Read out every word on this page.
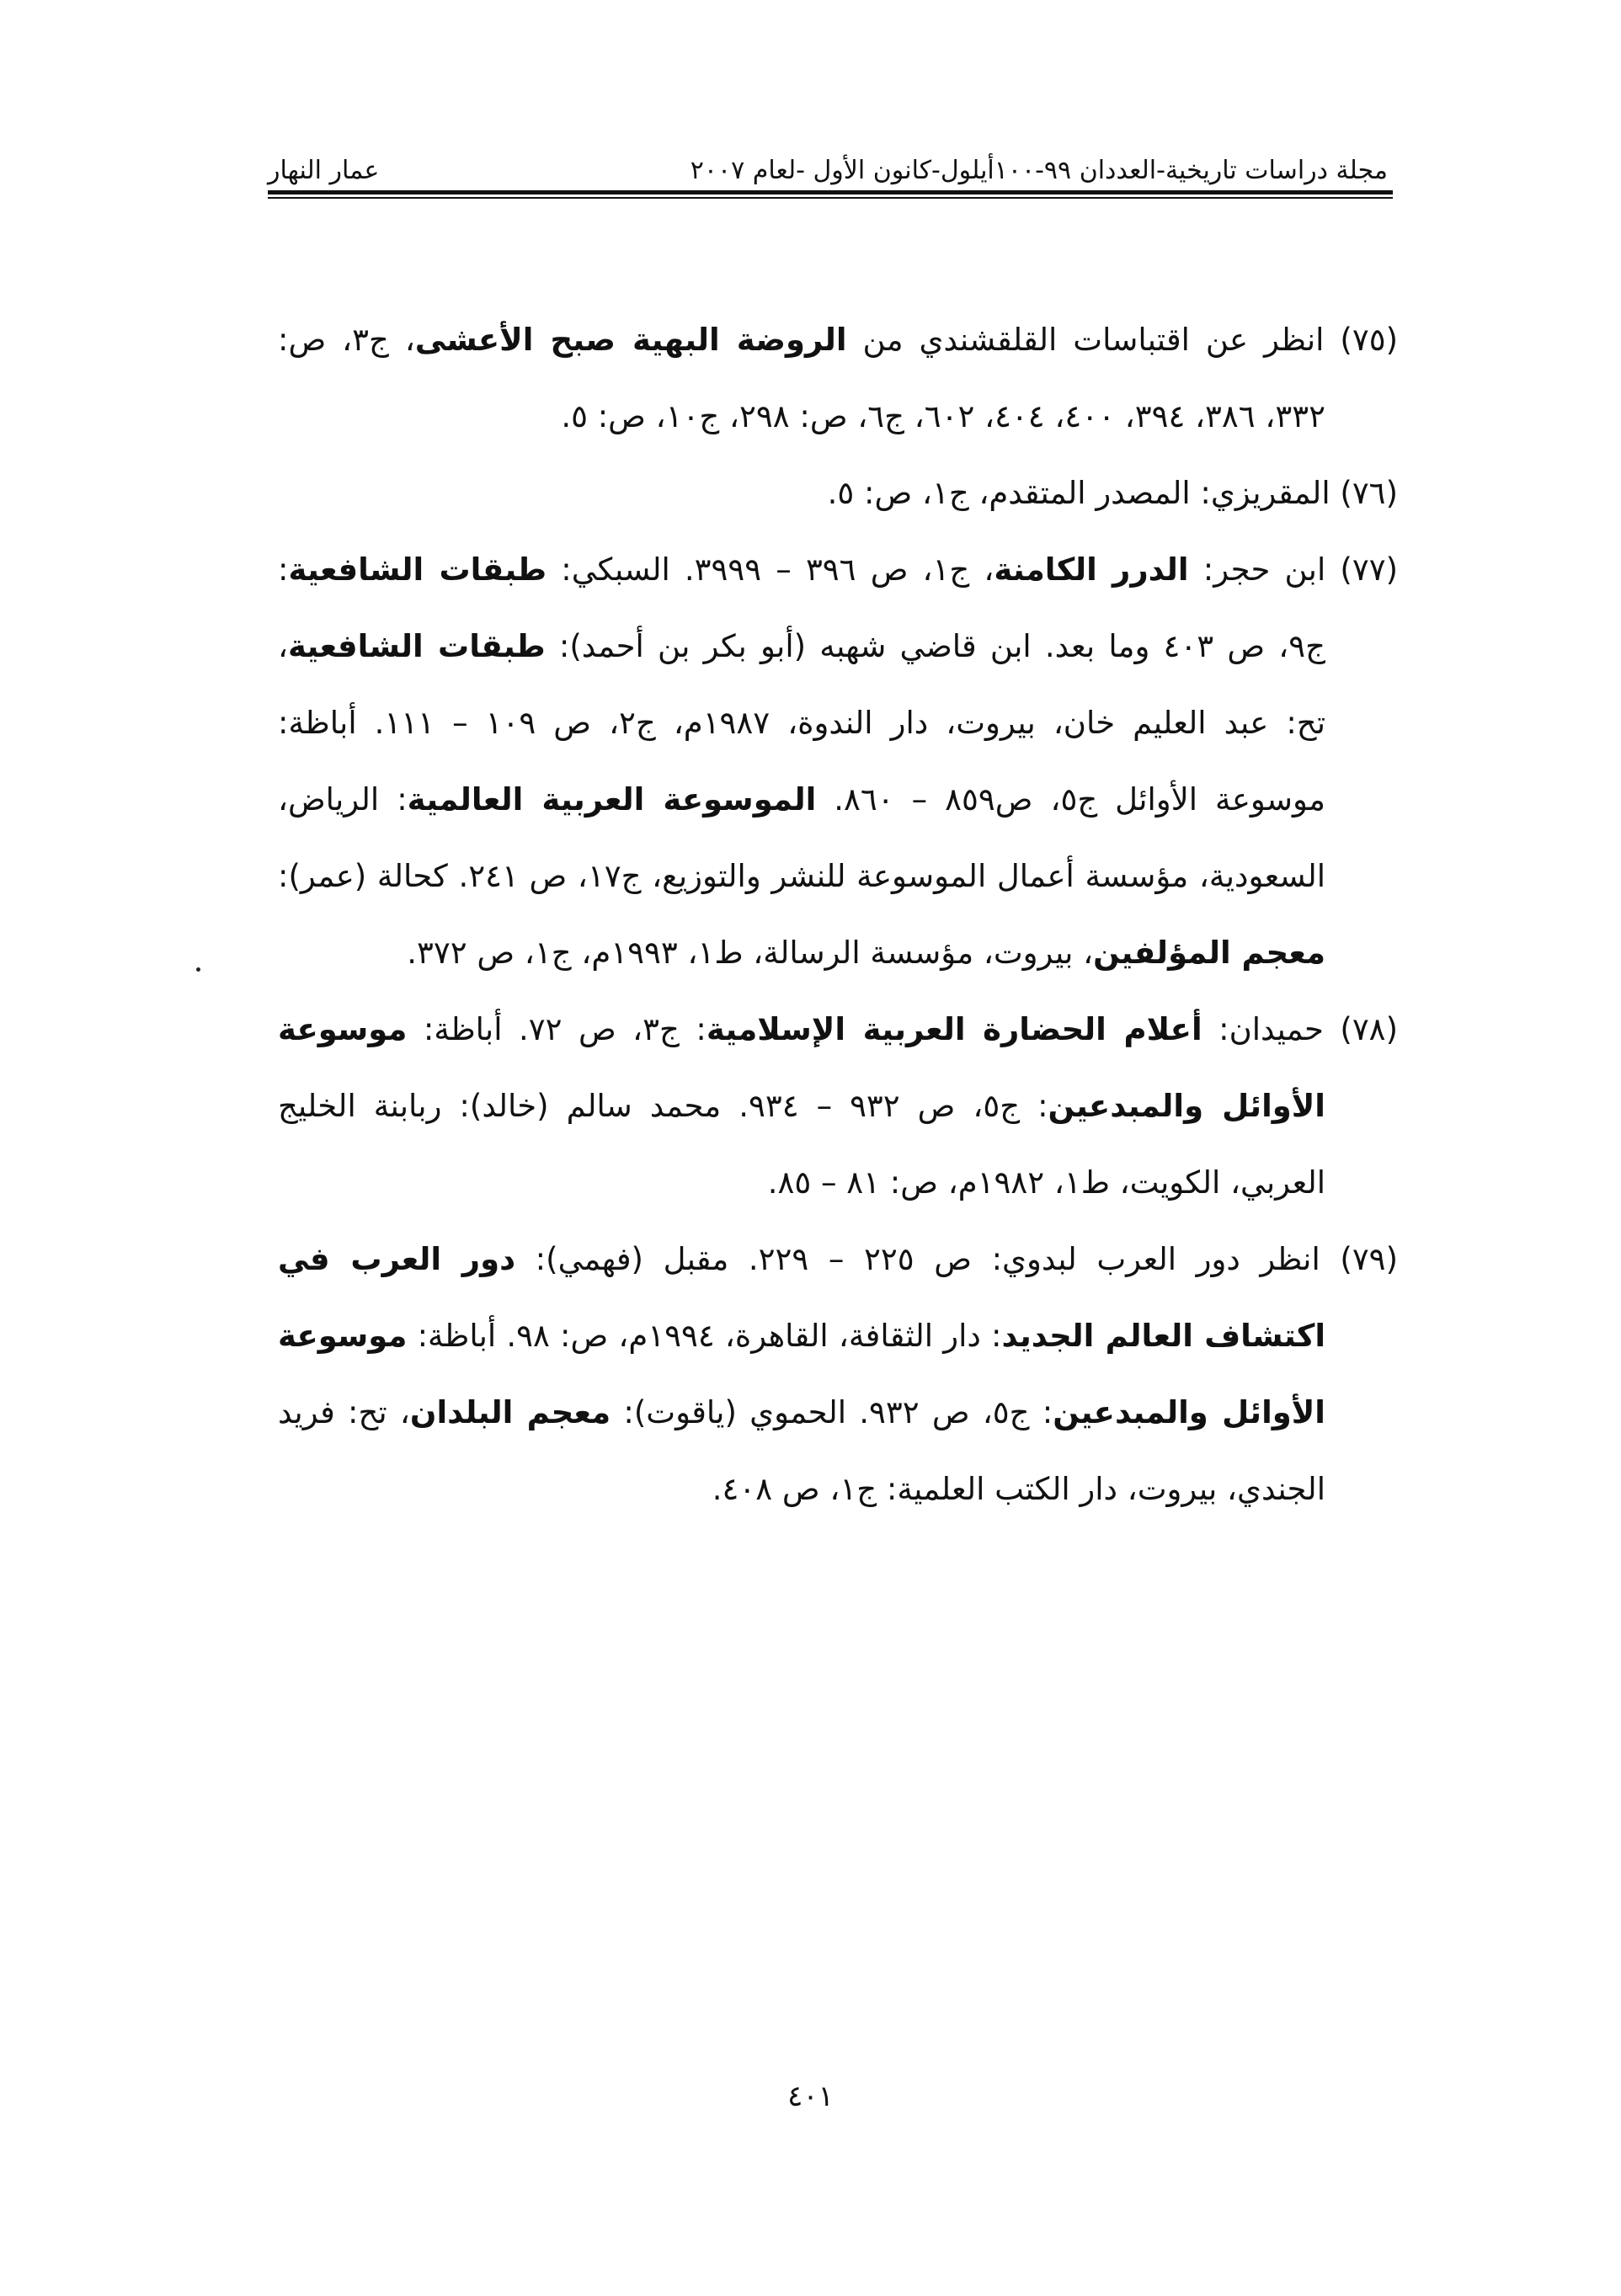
مجلة دراسات تاريخية-العددان ٩٩-١٠٠أيلول-كانون الأول -لعام ٢٠٠٧
عمار النهار

(٧٥) انظر عن اقتباسات القلقشندي من الروضة البهية صبح الأعشى، ج٣، ص: ٣٣٢، ٣٨٦، ٣٩٤، ٤٠٠، ٤٠٤، ٦٠٢، ج٦، ص: ٢٩٨، ج١٠، ص: ٥.

(٧٦) المقريزي: المصدر المتقدم، ج١، ص: ٥.

(٧٧) ابن حجر: الدرر الكامنة، ج١، ص ٣٩٦ – ٣٩٩٩. السبكي: طبقات الشافعية: ج٩، ص ٤٠٣ وما بعد. ابن قاضي شهبه (أبو بكر بن أحمد): طبقات الشافعية، تح: عبد العليم خان، بيروت، دار الندوة، ١٩٨٧م، ج٢، ص ١٠٩ – ١١١. أباظة: موسوعة الأوائل ج٥، ص٨٥٩ – ٨٦٠. الموسوعة العربية العالمية: الرياض، السعودية، مؤسسة أعمال الموسوعة للنشر والتوزيع، ج١٧، ص ٢٤١. كحالة (عمر): معجم المؤلفين، بيروت، مؤسسة الرسالة، ط١، ١٩٩٣م، ج١، ص ٣٧٢.

(٧٨) حميدان: أعلام الحضارة العربية الإسلامية: ج٣، ص ٧٢. أباظة: موسوعة الأوائل والمبدعين: ج٥، ص ٩٣٢ – ٩٣٤. محمد سالم (خالد): ربابنة الخليج العربي، الكويت، ط١، ١٩٨٢م، ص: ٨١ – ٨٥.

(٧٩) انظر دور العرب لبدوي: ص ٢٢٥ – ٢٢٩. مقبل (فهمي): دور العرب في اكتشاف العالم الجديد: دار الثقافة، القاهرة، ١٩٩٤م، ص: ٩٨. أباظة: موسوعة الأوائل والمبدعين: ج٥، ص ٩٣٢. الحموي (ياقوت): معجم البلدان، تح: فريد الجندي، بيروت، دار الكتب العلمية: ج١، ص ٤٠٨.

٤٠١
